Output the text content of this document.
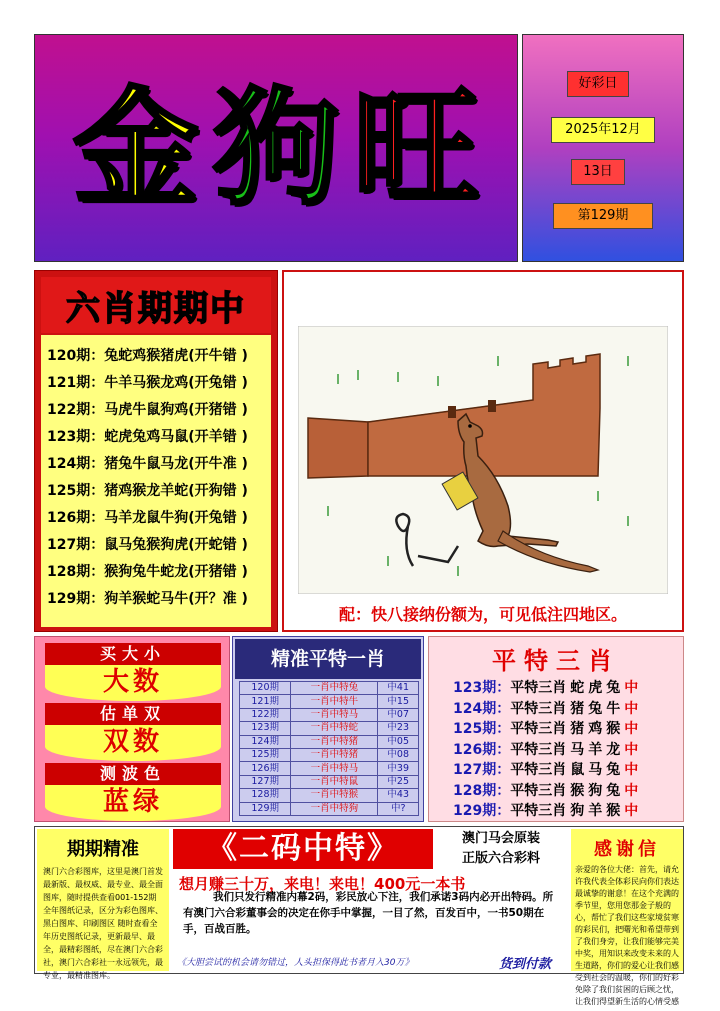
金 狗 旺	好彩日
2025年12月
13日
第129期
六肖期期中
120期：兔蛇鸡猴猪虎(开牛错 )
121期：牛羊马猴龙鸡(开兔错 )
122期：马虎牛鼠狗鸡(开猪错 )
123期：蛇虎兔鸡马鼠(开羊错 )
124期：猪兔牛鼠马龙(开牛准 )
125期：猪鸡猴龙羊蛇(开狗错 )
126期：马羊龙鼠牛狗(开兔错 )
127期：鼠马兔猴狗虎(开蛇错 )
128期：猴狗兔牛蛇龙(开猪错 )
129期：狗羊猴蛇马牛(开？准 )
配：快八接纳份额为，可见低注四地区。
买大小
大数
估单双
双数
测波色
蓝绿
精准平特一肖
120期	一肖中特兔	中41
121期	一肖中特牛	中15
122期	一肖中特马	中07
123期	一肖中特蛇	中23
124期	一肖中特猪	中05
125期	一肖中特猪	中08
126期	一肖中特马	中39
127期	一肖中特鼠	中25
128期	一肖中特猴	中43
129期	一肖中特狗	中?
平特三肖
123期：平特三肖 蛇虎兔中
124期：平特三肖 猪兔牛中
125期：平特三肖 猪鸡猴中
126期：平特三肖 马羊龙中
127期：平特三肖 鼠马兔中
128期：平特三肖 猴狗兔中
129期：平特三肖 狗羊猴中
期期精准
澳门六合彩图库，这里是澳门首发最新版、最权威、最专业、最全面图库，随时提供查看001-152期全年图纸记录，区分为彩色图库、黑白图库、印刷图区 随时查看全年历史图纸记录，更新最早、最全，最精彩图纸，尽在澳门六合彩社，澳门六合彩社一永远领先，最专业，最精准图库。
《二码中特》	澳门马会原装
正版六合彩料
想月赚三十万，来电！来电！400元一本书
我们只发行精准内幕2码，彩民放心下注，我们承诺3码内必开出特码。所有澳门六合彩董事会的决定在你手中掌握，一目了然，百发百中，一书50期在手，百战百胜。
《大胆尝试的机会请勿错过，人头担保得此书者月入30万》	货到付款
感谢信
亲爱的各位大佬：首先，请允许我代表全体彩民向你们表达最诚挚的谢意！在这个充满的季节里，您用您那金子般的心，帮忙了我们这些家境贫寒的彩民们，把曙光和希望带到了我们身旁，让我们能够完美中奖，用知识来改变未来的人生道路，你们的爱心让我们感受到社会的温暖，你们的好彩免除了我们贫困的后顾之忧，让我们得望新生活的心情受感
